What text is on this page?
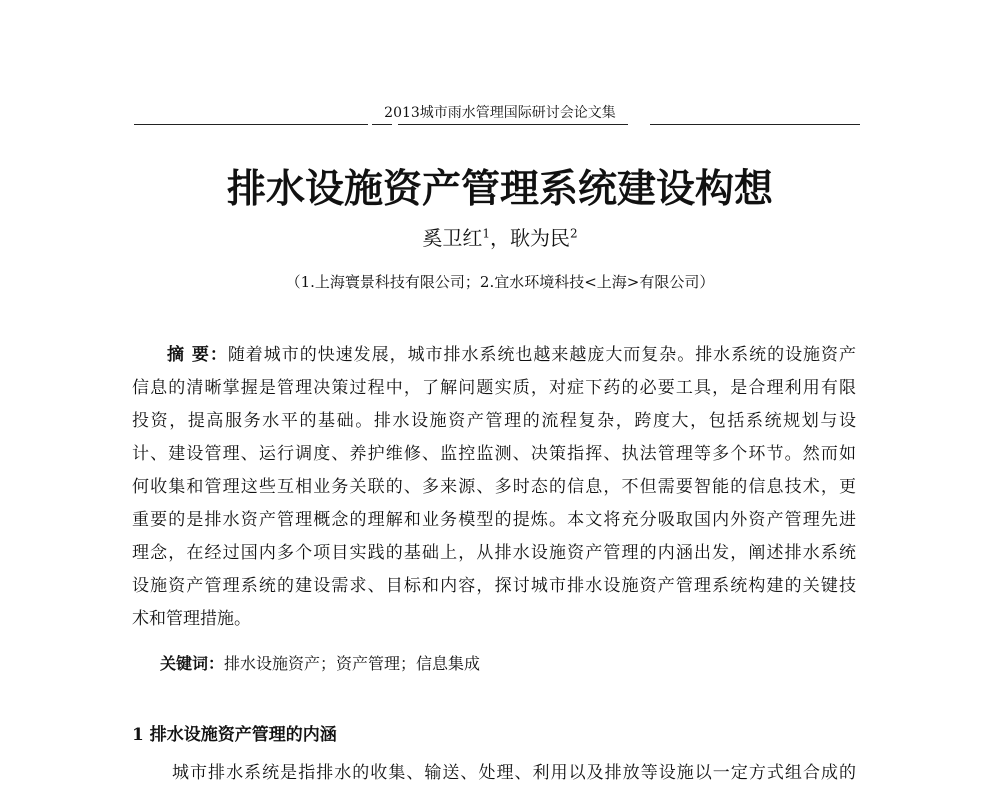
2013城市雨水管理国际研讨会论文集
排水设施资产管理系统建设构想
奚卫红$^1$，耿为民$^2$
（1.上海寰景科技有限公司；2.宜水环境科技<上海>有限公司）
摘 要：随着城市的快速发展，城市排水系统也越来越庞大而复杂。排水系统的设施资产
信息的清晰掌握是管理决策过程中，了解问题实质，对症下药的必要工具，是合理利用有限
投资，提高服务水平的基础。排水设施资产管理的流程复杂，跨度大，包括系统规划与设
计、建设管理、运行调度、养护维修、监控监测、决策指挥、执法管理等多个环节。然而如
何收集和管理这些互相业务关联的、多来源、多时态的信息，不但需要智能的信息技术，更
重要的是排水资产管理概念的理解和业务模型的提炼。本文将充分吸取国内外资产管理先进
理念，在经过国内多个项目实践的基础上，从排水设施资产管理的内涵出发，阐述排水系统
设施资产管理系统的建设需求、目标和内容，探讨城市排水设施资产管理系统构建的关键技
术和管理措施。
关键词：排水设施资产；资产管理；信息集成
1 排水设施资产管理的内涵
城市排水系统是指排水的收集、输送、处理、利用以及排放等设施以一定方式组合成的
